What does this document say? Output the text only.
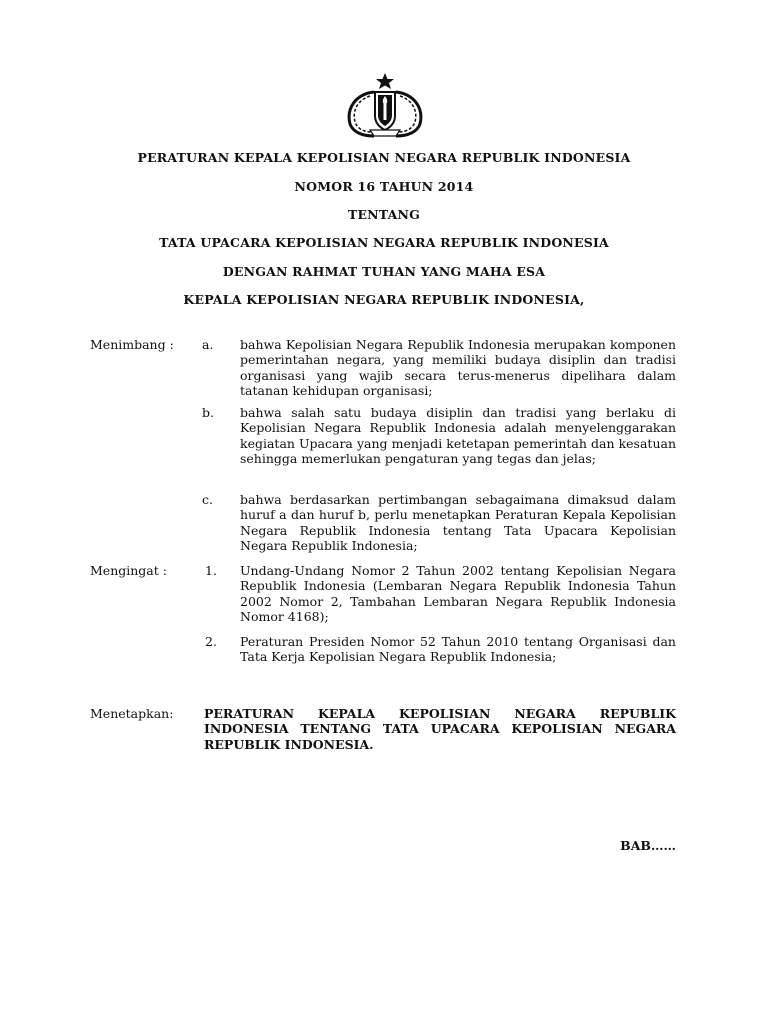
PERATURAN KEPALA KEPOLISIAN NEGARA REPUBLIK INDONESIA
NOMOR 16 TAHUN 2014
TENTANG
TATA UPACARA KEPOLISIAN NEGARA REPUBLIK INDONESIA
DENGAN RAHMAT TUHAN YANG MAHA ESA
KEPALA KEPOLISIAN NEGARA REPUBLIK INDONESIA,
Menimbang : a. bahwa Kepolisian Negara Republik Indonesia merupakan komponen pemerintahan negara, yang memiliki budaya disiplin dan tradisi organisasi yang wajib secara terus-menerus dipelihara dalam tatanan kehidupan organisasi;
b. bahwa salah satu budaya disiplin dan tradisi yang berlaku di Kepolisian Negara Republik Indonesia adalah menyelenggarakan kegiatan Upacara yang menjadi ketetapan pemerintah dan kesatuan sehingga memerlukan pengaturan yang tegas dan jelas;
c. bahwa berdasarkan pertimbangan sebagaimana dimaksud dalam huruf a dan huruf b, perlu menetapkan Peraturan Kepala Kepolisian Negara Republik Indonesia tentang Tata Upacara Kepolisian Negara Republik Indonesia;
Mengingat :	1. Undang-Undang Nomor 2 Tahun 2002 tentang Kepolisian Negara Republik Indonesia (Lembaran Negara Republik Indonesia Tahun 2002 Nomor 2, Tambahan Lembaran Negara Republik Indonesia Nomor 4168);
2. Peraturan Presiden Nomor 52 Tahun 2010 tentang Organisasi dan Tata Kerja Kepolisian Negara Republik Indonesia;
Menetapkan: PERATURAN KEPALA KEPOLISIAN NEGARA REPUBLIK INDONESIA TENTANG TATA UPACARA KEPOLISIAN NEGARA REPUBLIK INDONESIA.
BAB……
